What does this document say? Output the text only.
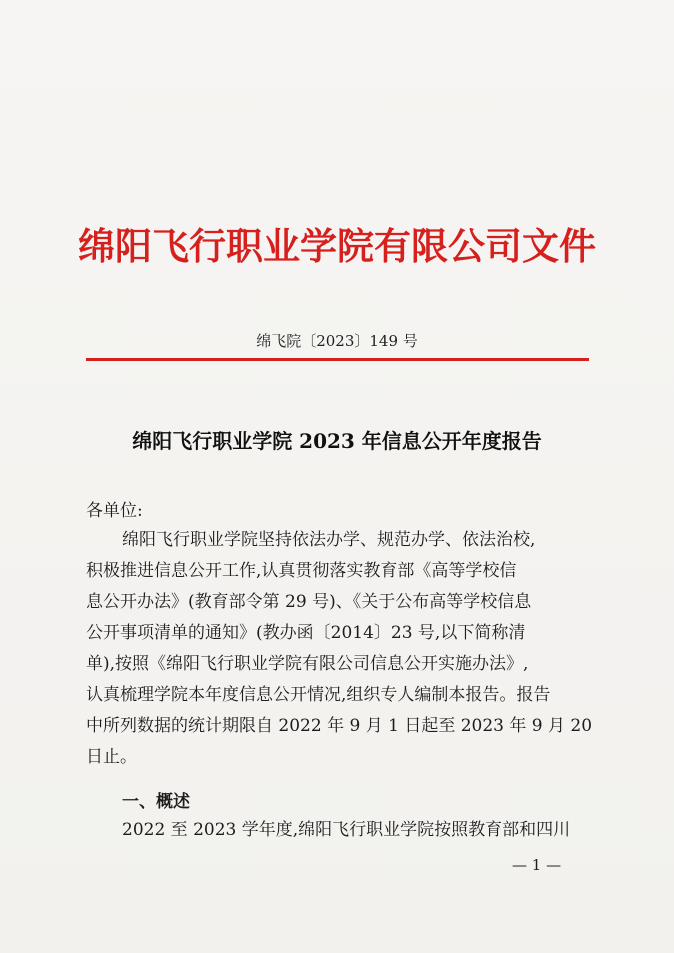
绵阳飞行职业学院有限公司文件
绵飞院〔2023〕149 号
绵阳飞行职业学院 2023 年信息公开年度报告
各单位:
绵阳飞行职业学院坚持依法办学、规范办学、依法治校,
积极推进信息公开工作,认真贯彻落实教育部《高等学校信
息公开办法》(教育部令第 29 号)、《关于公布高等学校信息
公开事项清单的通知》(教办函〔2014〕23 号,以下简称清
单),按照《绵阳飞行职业学院有限公司信息公开实施办法》,
认真梳理学院本年度信息公开情况,组织专人编制本报告。报告
中所列数据的统计期限自 2022 年 9 月 1 日起至 2023 年 9 月 20
日止。
一、概述
2022 至 2023 学年度,绵阳飞行职业学院按照教育部和四川
— 1 —
